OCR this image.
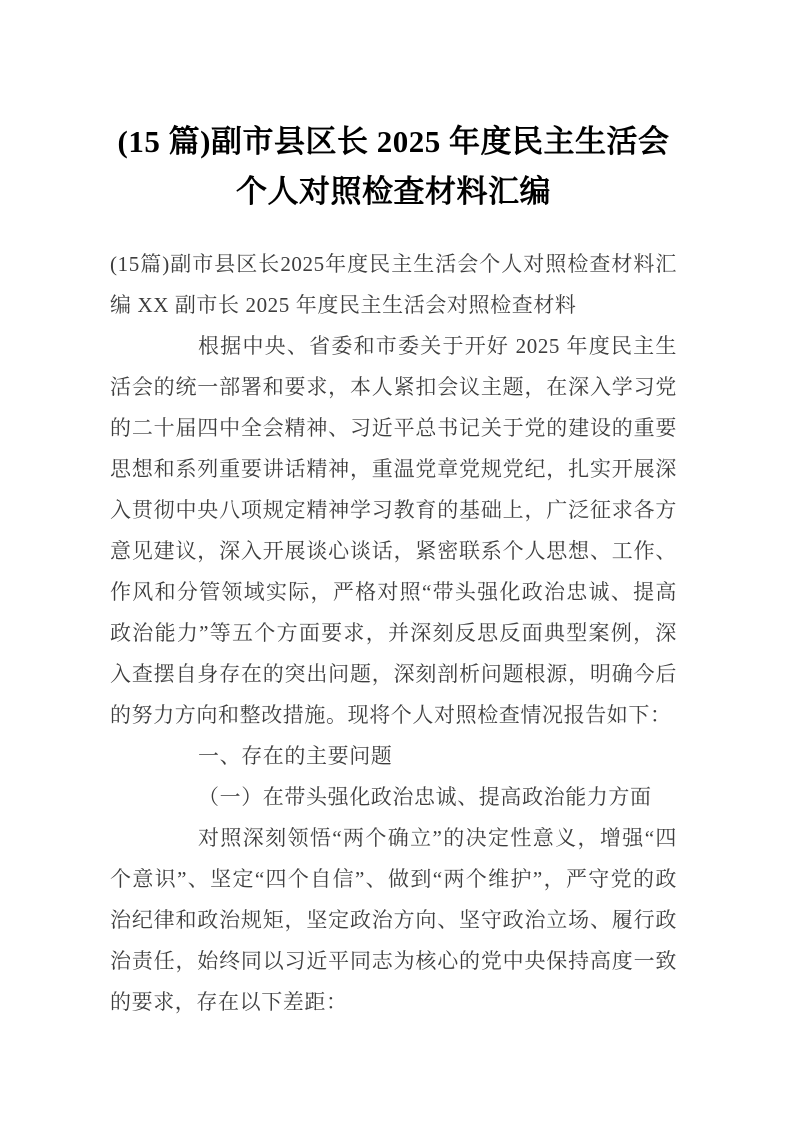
(15 篇)副市县区长 2025 年度民主生活会个人对照检查材料汇编

(15篇)副市县区长2025年度民主生活会个人对照检查材料汇编 XX 副市长 2025 年度民主生活会对照检查材料

根据中央、省委和市委关于开好 2025 年度民主生活会的统一部署和要求，本人紧扣会议主题，在深入学习党的二十届四中全会精神、习近平总书记关于党的建设的重要思想和系列重要讲话精神，重温党章党规党纪，扎实开展深入贯彻中央八项规定精神学习教育的基础上，广泛征求各方意见建议，深入开展谈心谈话，紧密联系个人思想、工作、作风和分管领域实际，严格对照“带头强化政治忠诚、提高政治能力”等五个方面要求，并深刻反思反面典型案例，深入查摆自身存在的突出问题，深刻剖析问题根源，明确今后的努力方向和整改措施。现将个人对照检查情况报告如下：

一、存在的主要问题

（一）在带头强化政治忠诚、提高政治能力方面

对照深刻领悟“两个确立”的决定性意义，增强“四个意识”、坚定“四个自信”、做到“两个维护”，严守党的政治纪律和政治规矩，坚定政治方向、坚守政治立场、履行政治责任，始终同以习近平同志为核心的党中央保持高度一致的要求，存在以下差距：
